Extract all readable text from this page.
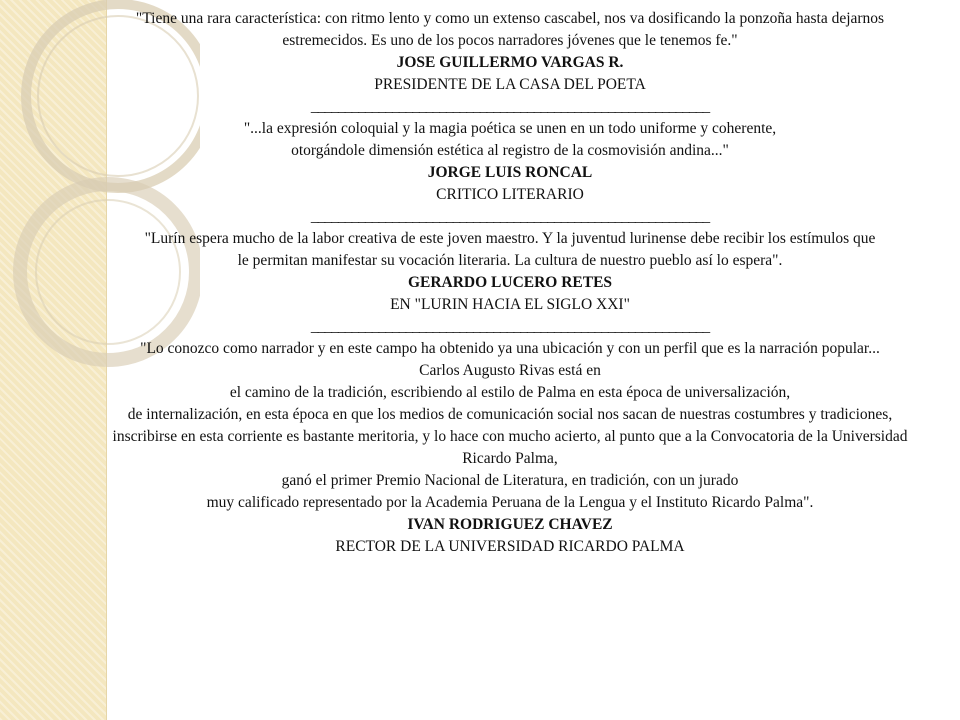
"Tiene una rara característica: con ritmo lento y como un extenso cascabel, nos va dosificando la ponzoña hasta dejarnos estremecidos. Es uno de los pocos narradores jóvenes que le tenemos fe."

JOSE GUILLERMO VARGAS R.

PRESIDENTE DE LA CASA DEL POETA

___________________________________________________________

"...la expresión coloquial y la magia poética se unen en un todo uniforme y coherente,

otorgándole dimensión estética al registro de la cosmovisión andina..."

JORGE LUIS RONCAL

CRITICO LITERARIO

___________________________________________________________

"Lurín espera mucho de la labor creativa de este joven maestro. Y la juventud lurinense debe recibir los estímulos que

le permitan manifestar su vocación literaria. La cultura de nuestro pueblo así lo espera".

GERARDO LUCERO RETES

EN "LURIN HACIA EL SIGLO XXI"

___________________________________________________________

"Lo conozco como narrador y en este campo ha obtenido ya una ubicación y con un perfil que es la narración popular...

Carlos Augusto Rivas está en

el camino de la tradición, escribiendo al estilo de Palma en esta época de universalización,

de internalización, en esta época en que los medios de comunicación social nos sacan de nuestras costumbres y tradiciones,

inscribirse en esta corriente es bastante meritoria, y lo hace con mucho acierto, al punto que a la Convocatoria de la Universidad Ricardo Palma,

ganó el primer Premio Nacional de Literatura, en tradición, con un jurado

muy calificado representado por la Academia Peruana de la Lengua y el Instituto Ricardo Palma".

IVAN RODRIGUEZ CHAVEZ

RECTOR DE LA UNIVERSIDAD RICARDO PALMA
